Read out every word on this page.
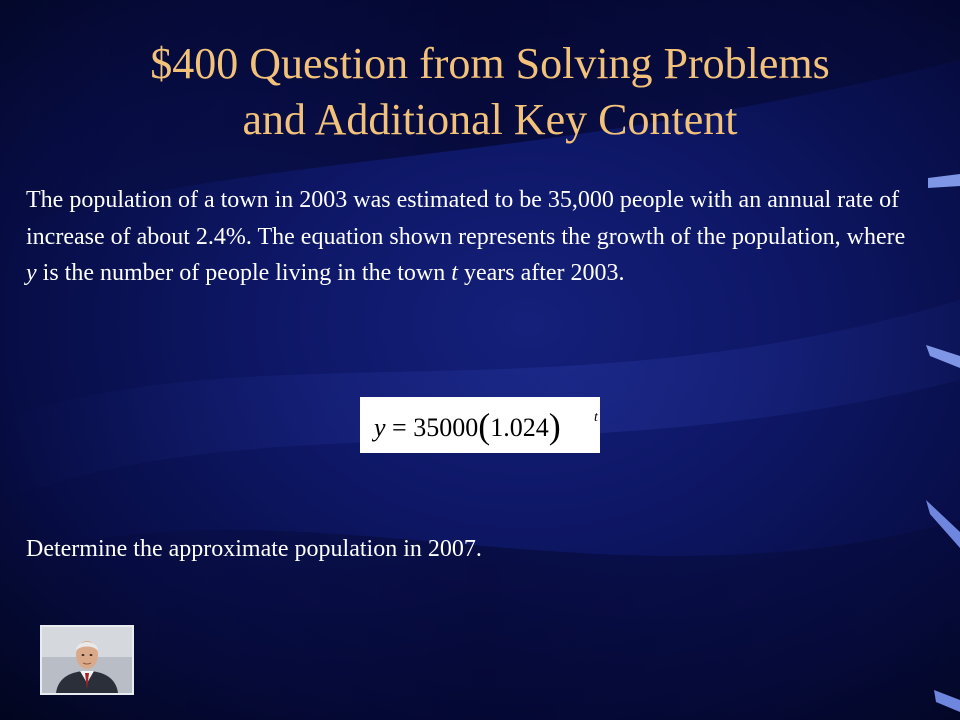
$400 Question from Solving Problems
and Additional Key Content
The population of a town in 2003 was estimated to be 35,000 people with an annual rate of increase of about 2.4%. The equation shown represents the growth of the population, where y is the number of people living in the town t years after 2003.
y = 35000(1.024) t
Determine the approximate population in 2007.
